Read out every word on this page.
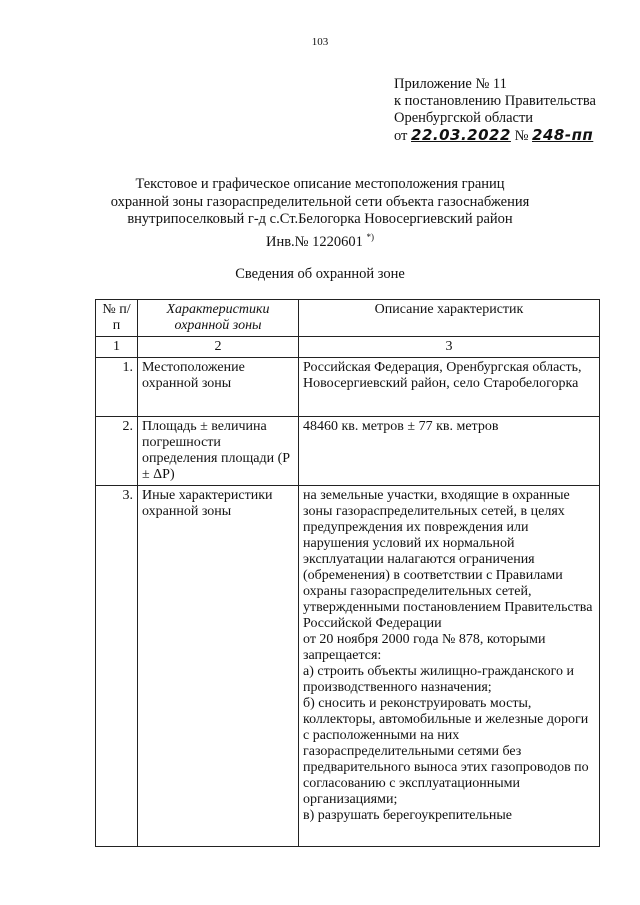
103
Приложение № 11
к постановлению Правительства
Оренбургской области
от 22.03.2022 № 248-пп
Текстовое и графическое описание местоположения границ
охранной зоны газораспределительной сети объекта газоснабжения
внутрипоселковый г-д с.Ст.Белогорка Новосергиевский район
Инв.№ 1220601 *)
Сведения об охранной зоне
№ п/п	Характеристики охранной зоны	Описание характеристик
1	2	3
1.	Местоположение охранной зоны	Российская Федерация, Оренбургская область, Новосергиевский район, село Старобелогорка
2.	Площадь ± величина погрешности определения площади (P ± ΔP)	48460 кв. метров ± 77 кв. метров
3.	Иные характеристики охранной зоны	на земельные участки, входящие в охранные зоны газораспределительных сетей, в целях предупреждения их повреждения или нарушения условий их нормальной эксплуатации налагаются ограничения (обременения) в соответствии с Правилами охраны газораспределительных сетей, утвержденными постановлением Правительства Российской Федерации
от 20 ноября 2000 года № 878, которыми запрещается:
а) строить объекты жилищно-гражданского и производственного назначения;
б) сносить и реконструировать мосты, коллекторы, автомобильные и железные дороги с расположенными на них газораспределительными сетями без предварительного выноса этих газопроводов по согласованию с эксплуатационными организациями;
в) разрушать берегоукрепительные
